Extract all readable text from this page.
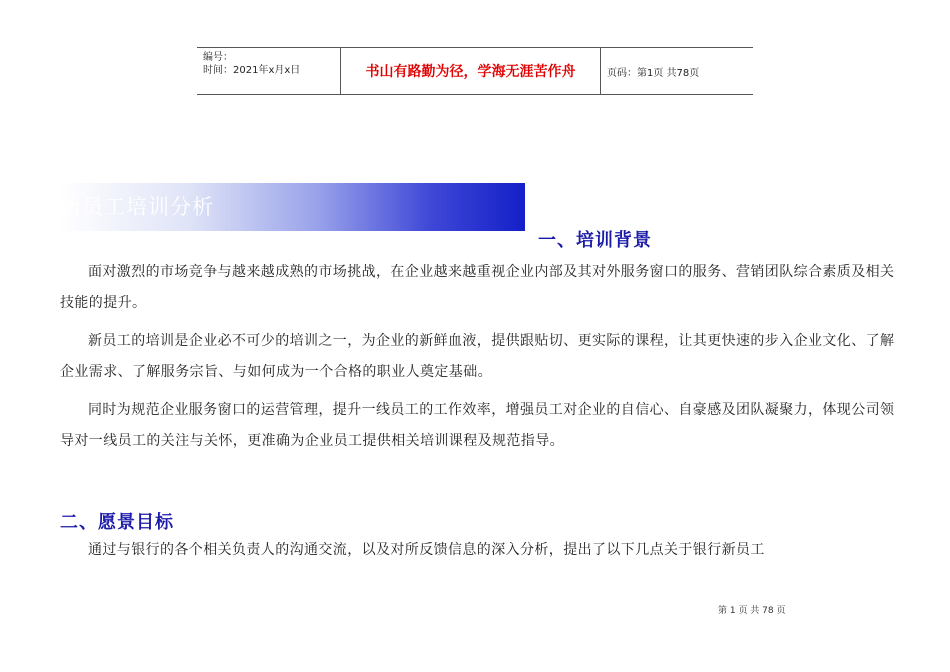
编号：
时间：2021年x月x日	书山有路勤为径，学海无涯苦作舟	页码：第1页 共78页
新员工培训分析
一、培训背景

面对激烈的市场竞争与越来越成熟的市场挑战，在企业越来越重视企业内部及其对外服务窗口的服务、营销团队综合素质及相关技能的提升。

新员工的培训是企业必不可少的培训之一，为企业的新鲜血液，提供跟贴切、更实际的课程，让其更快速的步入企业文化、了解企业需求、了解服务宗旨、与如何成为一个合格的职业人奠定基础。

同时为规范企业服务窗口的运营管理，提升一线员工的工作效率，增强员工对企业的自信心、自豪感及团队凝聚力，体现公司领导对一线员工的关注与关怀，更准确为企业员工提供相关培训课程及规范指导。

二、愿景目标

通过与银行的各个相关负责人的沟通交流，以及对所反馈信息的深入分析，提出了以下几点关于银行新员工

第 1 页 共 78 页
